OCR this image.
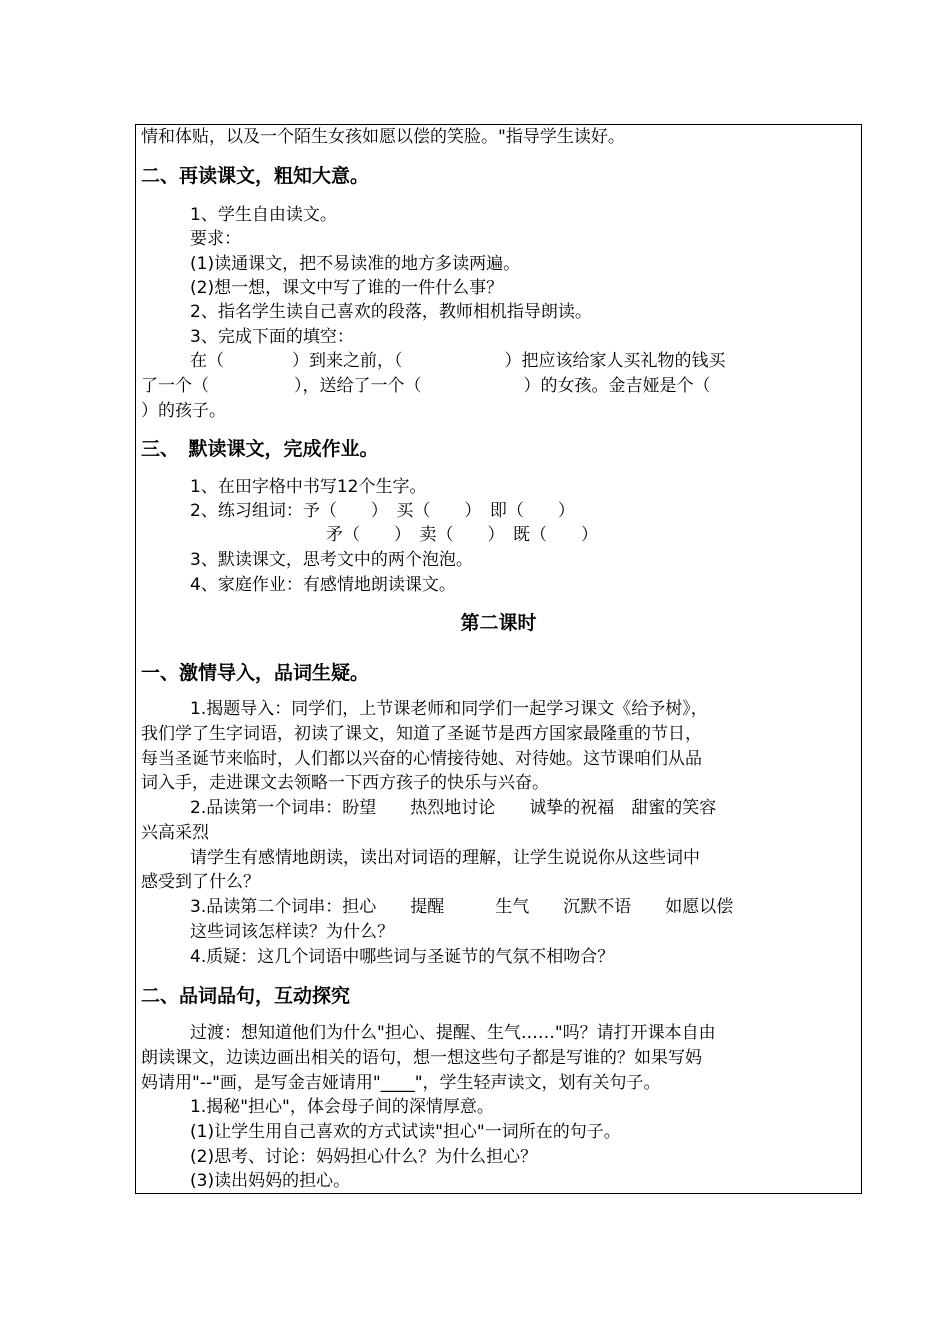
情和体贴，以及一个陌生女孩如愿以偿的笑脸。"指导学生读好。
二、再读课文，粗知大意。
1、学生自由读文。
要求：
(1)读通课文，把不易读准的地方多读两遍。
(2)想一想，课文中写了谁的一件什么事？
2、指名学生读自己喜欢的段落，教师相机指导朗读。
3、完成下面的填空：
在（　　　　）到来之前，（　　　　　　）把应该给家人买礼物的钱买
了一个（　　　　　），送给了一个（　　　　　　）的女孩。金吉娅是个（
）的孩子。
三、　默读课文，完成作业。
1、在田字格中书写12个生字。
2、练习组词：予（　　）　买（　　）　即（　　）
矛（　　）　卖（　　）　既（　　）
3、默读课文，思考文中的两个泡泡。
4、家庭作业：有感情地朗读课文。
第二课时
一、激情导入，品词生疑。
1.揭题导入：同学们，上节课老师和同学们一起学习课文《给予树》，
我们学了生字词语，初读了课文，知道了圣诞节是西方国家最隆重的节日，
每当圣诞节来临时，人们都以兴奋的心情接待她、对待她。这节课咱们从品
词入手，走进课文去领略一下西方孩子的快乐与兴奋。
2.品读第一个词串：盼望　　热烈地讨论　　诚挚的祝福　甜蜜的笑容
兴高采烈
请学生有感情地朗读，读出对词语的理解，让学生说说你从这些词中
感受到了什么？
3.品读第二个词串：担心　　提醒　　　生气　　沉默不语　　如愿以偿
这些词该怎样读？为什么？
4.质疑：这几个词语中哪些词与圣诞节的气氛不相吻合？
二、品词品句，互动探究
过渡：想知道他们为什么"担心、提醒、生气……"吗？请打开课本自由
朗读课文，边读边画出相关的语句，想一想这些句子都是写谁的？如果写妈
妈请用"--"画，是写金吉娅请用"____"，学生轻声读文，划有关句子。
1.揭秘"担心"，体会母子间的深情厚意。
(1)让学生用自己喜欢的方式试读"担心"一词所在的句子。
(2)思考、讨论：妈妈担心什么？为什么担心？
(3)读出妈妈的担心。
